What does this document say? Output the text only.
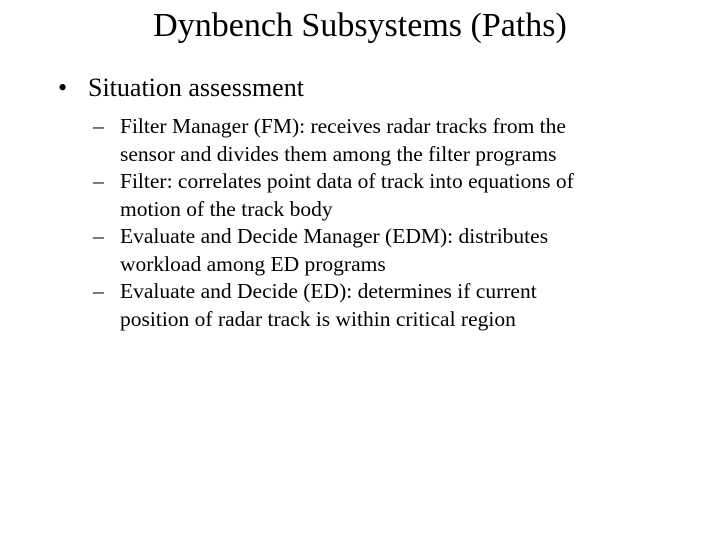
Dynbench Subsystems (Paths)
• Situation assessment
– Filter Manager (FM): receives radar tracks from the
sensor and divides them among the filter programs
– Filter: correlates point data of track into equations of
motion of the track body
– Evaluate and Decide Manager (EDM): distributes
workload among ED programs
– Evaluate and Decide (ED): determines if current
position of radar track is within critical region
